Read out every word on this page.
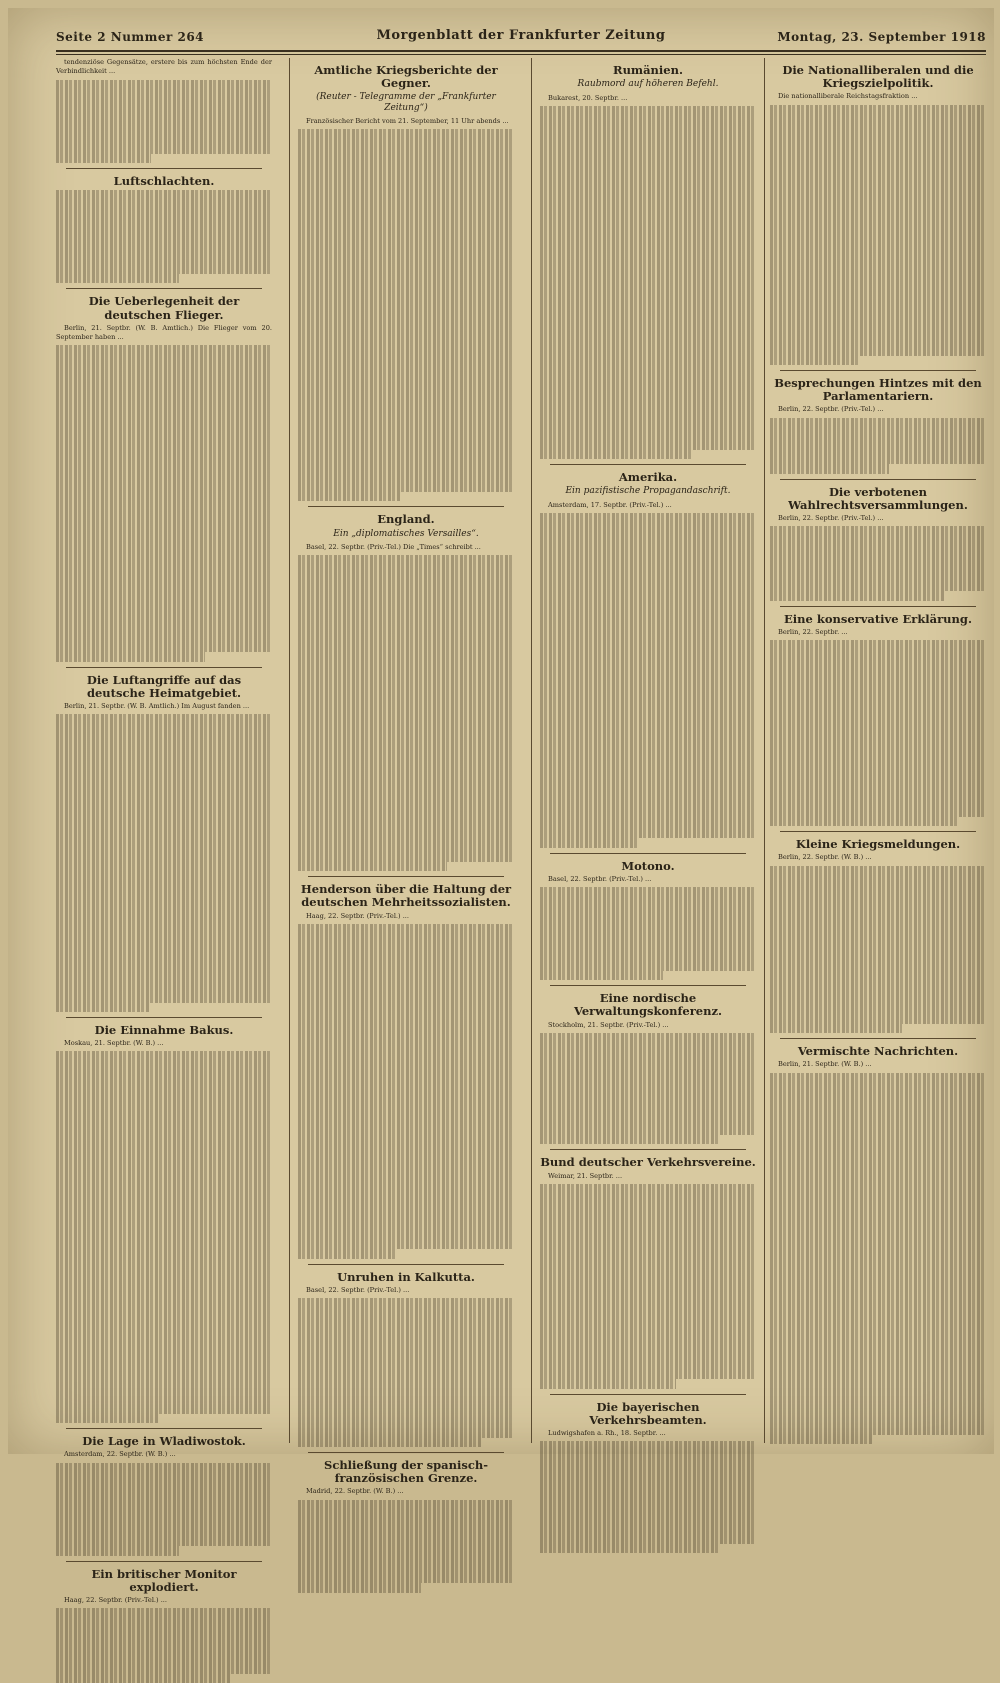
Seite 2 Nummer 264	Morgenblatt der Frankfurter Zeitung	Montag, 23. September 1918
tendenziöse Gegensätze, erstere bis zum höchsten Ende der Verbindlichkeit ...
Luftschlachten.
Die Ueberlegenheit der deutschen Flieger.
Berlin, 21. Septbr. (W. B. Amtlich.) Die Flieger vom 20. September haben ...
Die Luftangriffe auf das deutsche Heimatgebiet.
Berlin, 21. Septbr. (W. B. Amtlich.) Im August fanden ...
Die Einnahme Bakus.
Moskau, 21. Septbr. (W. B.) ...
Die Lage in Wladiwostok.
Amsterdam, 22. Septbr. (W. B.) ...
Ein britischer Monitor explodiert.
Haag, 22. Septbr. (Priv.-Tel.) ...
Amtliche Kriegsberichte der Gegner.
(Reuter - Telegramme der „Frankfurter Zeitung“)
Französischer Bericht vom 21. September, 11 Uhr abends ...
England.
Ein „diplomatisches Versailles“.
Basel, 22. Septbr. (Priv.-Tel.) Die „Times“ schreibt ...
Henderson über die Haltung der deutschen Mehrheitssozialisten.
Haag, 22. Septbr. (Priv.-Tel.) ...
Unruhen in Kalkutta.
Basel, 22. Septbr. (Priv.-Tel.) ...
Schließung der spanisch-französischen Grenze.
Madrid, 22. Septbr. (W. B.) ...
Rumänien.
Raubmord auf höheren Befehl.
Bukarest, 20. Septbr. ...
Amerika.
Ein pazifistische Propagandaschrift.
Amsterdam, 17. Septbr. (Priv.-Tel.) ...
Motono.
Basel, 22. Septbr. (Priv.-Tel.) ...
Eine nordische Verwaltungskonferenz.
Stockholm, 21. Septbr. (Priv.-Tel.) ...
Bund deutscher Verkehrsvereine.
Weimar, 21. Septbr. ...
Die bayerischen Verkehrsbeamten.
Ludwigshafen a. Rh., 18. Septbr. ...
Die Nationalliberalen und die Kriegszielpolitik.
Die nationalliberale Reichstagsfraktion ...
Besprechungen Hintzes mit den Parlamentariern.
Berlin, 22. Septbr. (Priv.-Tel.) ...
Die verbotenen Wahlrechtsversammlungen.
Berlin, 22. Septbr. (Priv.-Tel.) ...
Eine konservative Erklärung.
Berlin, 22. Septbr. ...
Kleine Kriegsmeldungen.
Berlin, 22. Septbr. (W. B.) ...
Vermischte Nachrichten.
Berlin, 21. Septbr. (W. B.) ...
